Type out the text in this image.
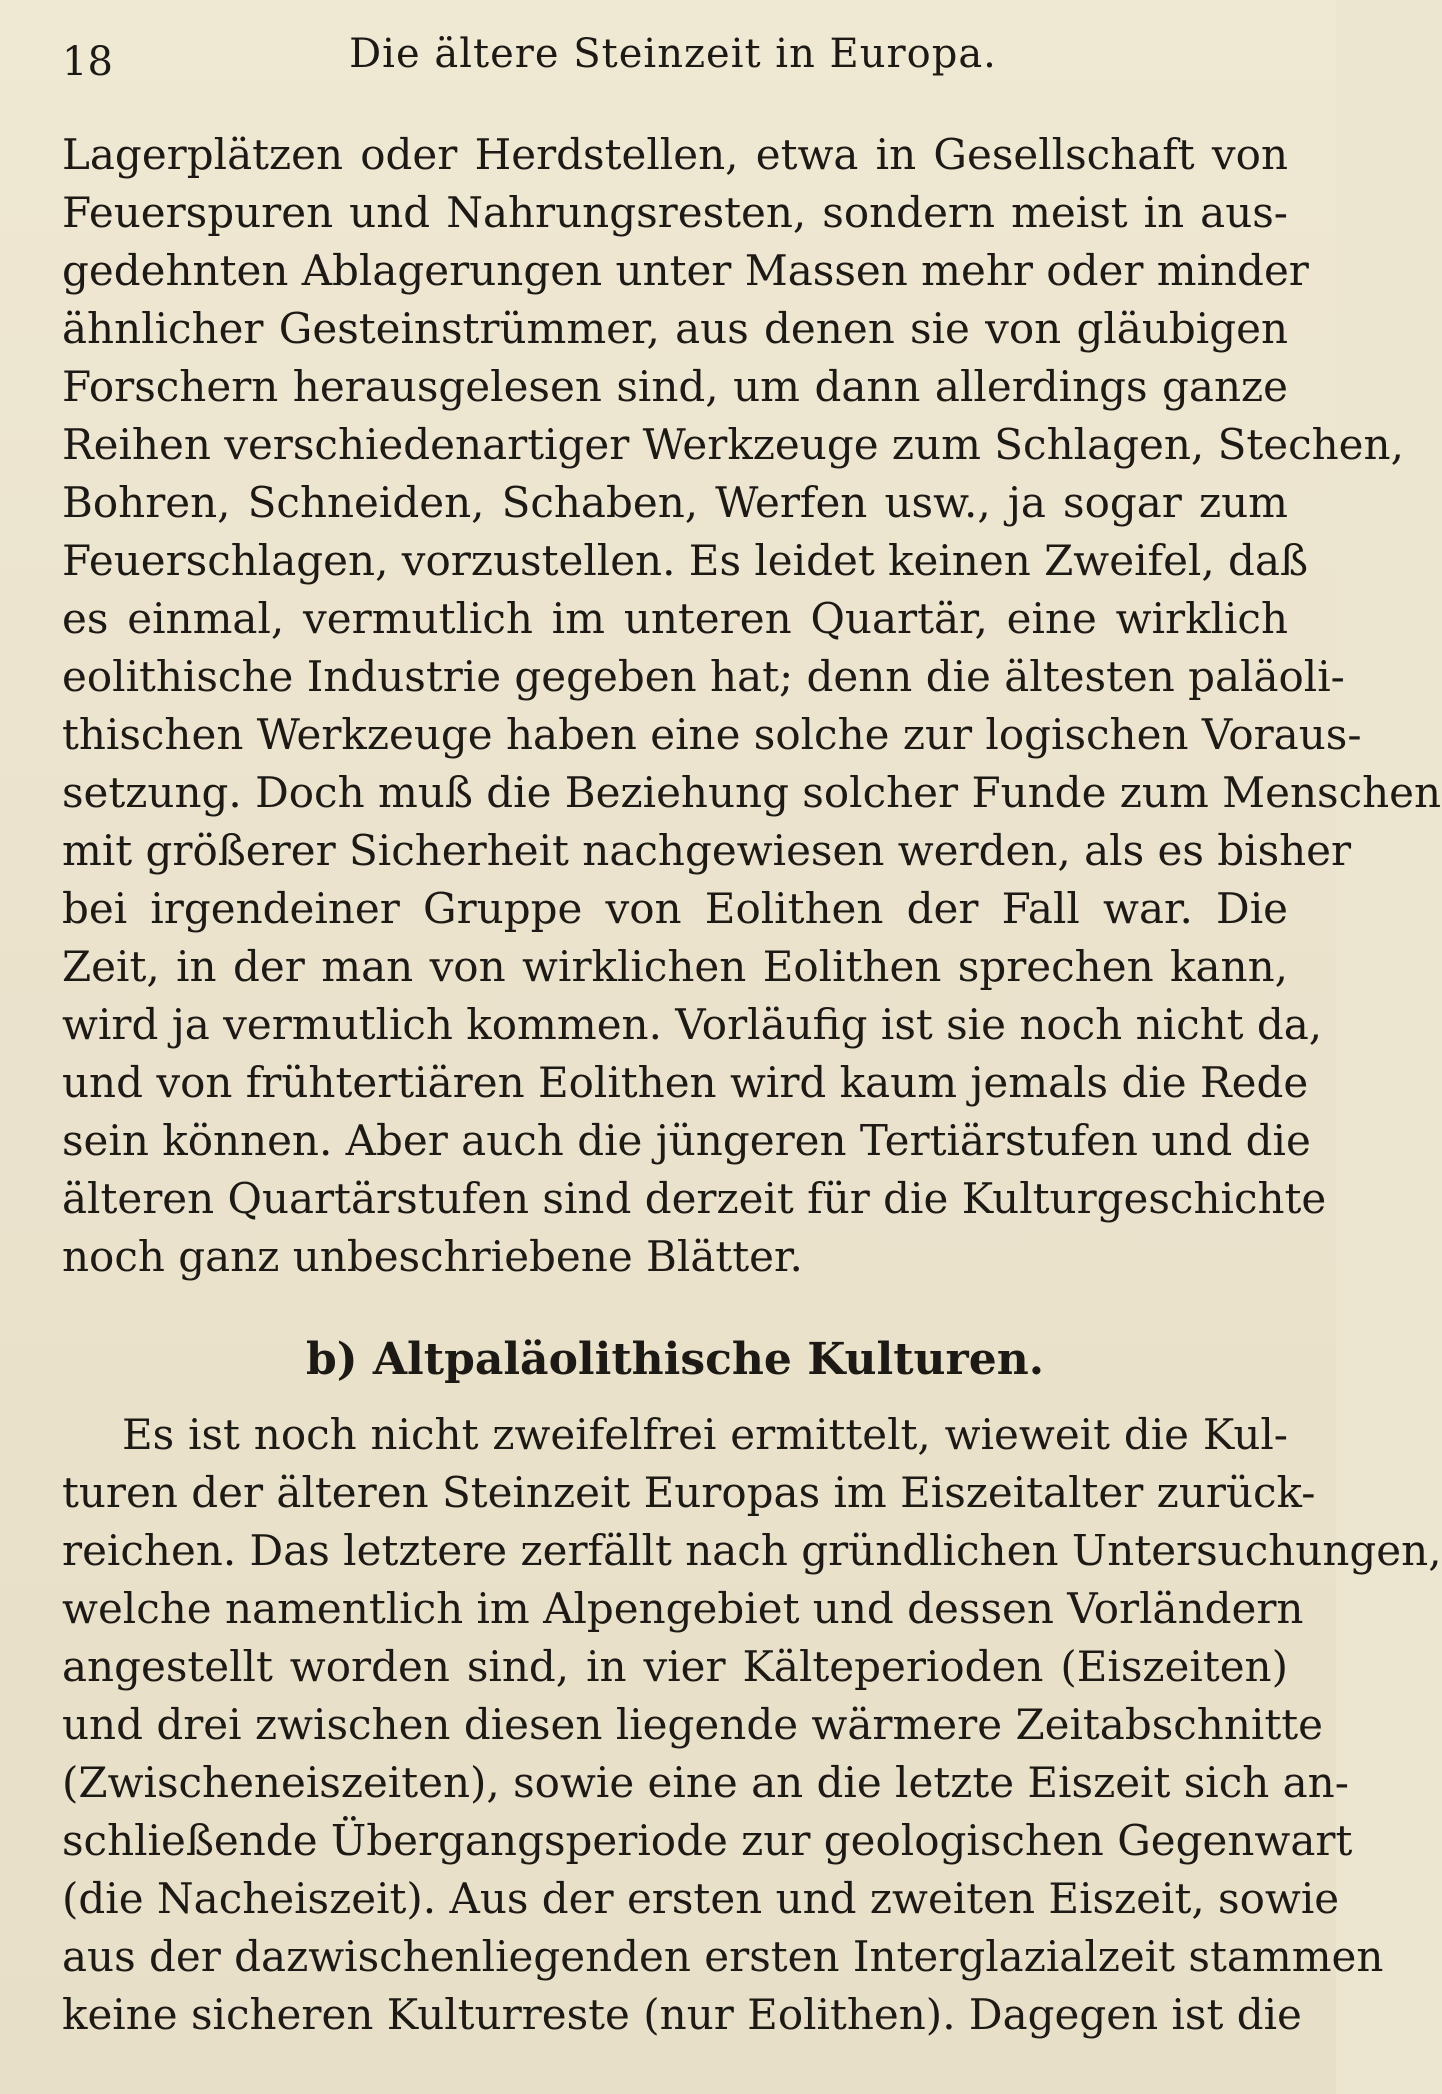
18	Die ältere Steinzeit in Europa.
Lagerplätzen oder Herdstellen, etwa in Gesellschaft von
Feuerspuren und Nahrungsresten, sondern meist in aus-
gedehnten Ablagerungen unter Massen mehr oder minder
ähnlicher Gesteinstrümmer, aus denen sie von gläubigen
Forschern herausgelesen sind, um dann allerdings ganze
Reihen verschiedenartiger Werkzeuge zum Schlagen, Stechen,
Bohren, Schneiden, Schaben, Werfen usw., ja sogar zum
Feuerschlagen, vorzustellen. Es leidet keinen Zweifel, daß
es einmal, vermutlich im unteren Quartär, eine wirklich
eolithische Industrie gegeben hat; denn die ältesten paläoli-
thischen Werkzeuge haben eine solche zur logischen Voraus-
setzung. Doch muß die Beziehung solcher Funde zum Menschen
mit größerer Sicherheit nachgewiesen werden, als es bisher
bei irgendeiner Gruppe von Eolithen der Fall war. Die
Zeit, in der man von wirklichen Eolithen sprechen kann,
wird ja vermutlich kommen. Vorläufig ist sie noch nicht da,
und von frühtertiären Eolithen wird kaum jemals die Rede
sein können. Aber auch die jüngeren Tertiärstufen und die
älteren Quartärstufen sind derzeit für die Kulturgeschichte
noch ganz unbeschriebene Blätter.
b) Altpaläolithische Kulturen.
Es ist noch nicht zweifelfrei ermittelt, wieweit die Kul-
turen der älteren Steinzeit Europas im Eiszeitalter zurück-
reichen. Das letztere zerfällt nach gründlichen Untersuchungen,
welche namentlich im Alpengebiet und dessen Vorländern
angestellt worden sind, in vier Kälteperioden (Eiszeiten)
und drei zwischen diesen liegende wärmere Zeitabschnitte
(Zwischeneiszeiten), sowie eine an die letzte Eiszeit sich an-
schließende Übergangsperiode zur geologischen Gegenwart
(die Nacheiszeit). Aus der ersten und zweiten Eiszeit, sowie
aus der dazwischenliegenden ersten Interglazialzeit stammen
keine sicheren Kulturreste (nur Eolithen). Dagegen ist die
